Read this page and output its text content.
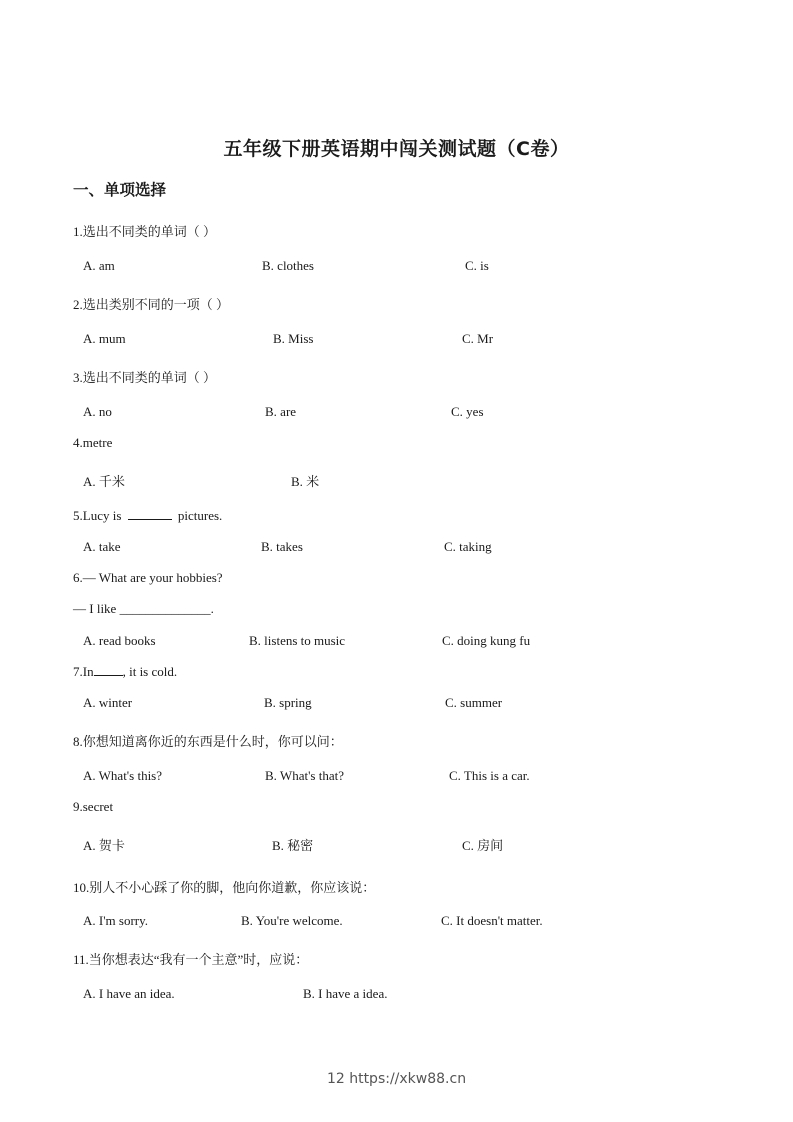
五年级下册英语期中闯关测试题（C卷）
一、单项选择
1.选出不同类的单词（ ）
A. am	B. clothes	C. is
2.选出类别不同的一项（ ）
A. mum	B. Miss	C. Mr
3.选出不同类的单词（ ）
A. no	B. are	C. yes
4.metre
A. 千米	B. 米
5.Lucy is	pictures.
A. take	B. takes	C. taking
6.— What are your hobbies?
— I like ______________.
A. read books	B. listens to music	C. doing kung fu
7.In , it is cold.
A. winter	B. spring	C. summer
8.你想知道离你近的东西是什么时，你可以问：
A. What's this?	B. What's that?	C. This is a car.
9.secret
A. 贺卡	B. 秘密	C. 房间
10.别人不小心踩了你的脚，他向你道歉，你应该说：
A. I'm sorry.	B. You're welcome.	C. It doesn't matter.
11.当你想表达“我有一个主意”时，应说：
A. I have an idea.	B. I have a idea.
12 https://xkw88.cn
